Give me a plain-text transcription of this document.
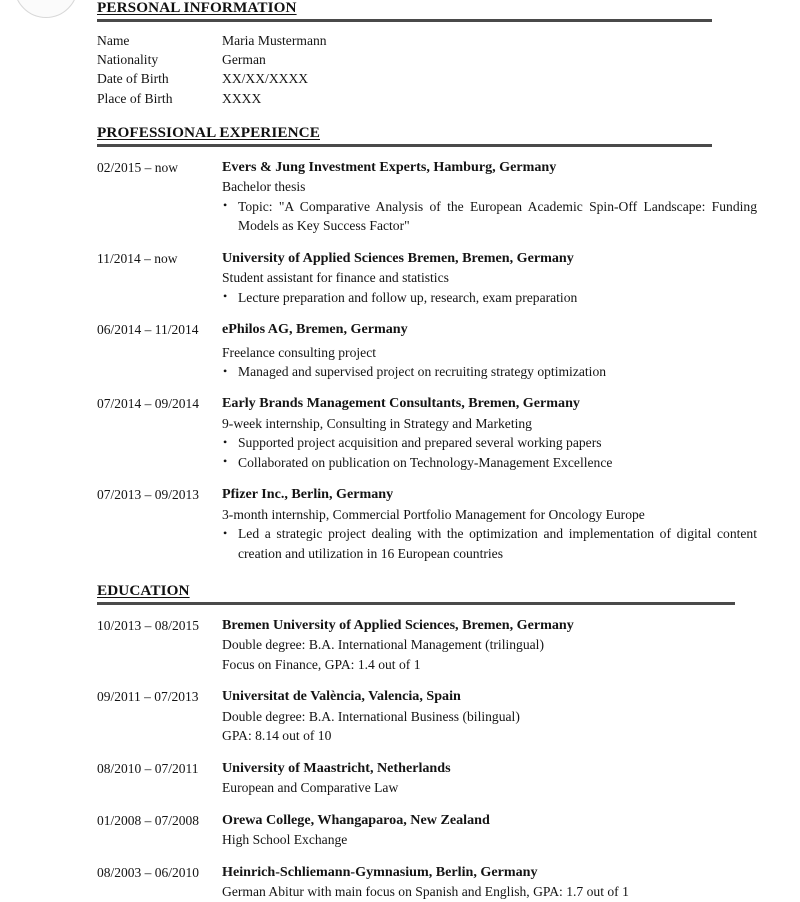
PERSONAL INFORMATION
Name	Maria Mustermann
Nationality	German
Date of Birth	XX/XX/XXXX
Place of Birth	XXXX
PROFESSIONAL EXPERIENCE
02/2015 – now	Evers & Jung Investment Experts, Hamburg, Germany
Bachelor thesis
• Topic: "A Comparative Analysis of the European Academic Spin-Off Landscape: Funding Models as Key Success Factor"
11/2014 – now	University of Applied Sciences Bremen, Bremen, Germany
Student assistant for finance and statistics
• Lecture preparation and follow up, research, exam preparation
06/2014 – 11/2014	ePhilos AG, Bremen, Germany
Freelance consulting project
• Managed and supervised project on recruiting strategy optimization
07/2014 – 09/2014	Early Brands Management Consultants, Bremen, Germany
9-week internship, Consulting in Strategy and Marketing
• Supported project acquisition and prepared several working papers
• Collaborated on publication on Technology-Management Excellence
07/2013 – 09/2013	Pfizer Inc., Berlin, Germany
3-month internship, Commercial Portfolio Management for Oncology Europe
• Led a strategic project dealing with the optimization and implementation of digital content creation and utilization in 16 European countries
EDUCATION
10/2013 – 08/2015	Bremen University of Applied Sciences, Bremen, Germany
Double degree: B.A. International Management (trilingual)
Focus on Finance, GPA: 1.4 out of 1
09/2011 – 07/2013	Universitat de València, Valencia, Spain
Double degree: B.A. International Business (bilingual)
GPA: 8.14 out of 10
08/2010 – 07/2011	University of Maastricht, Netherlands
European and Comparative Law
01/2008 – 07/2008	Orewa College, Whangaparoa, New Zealand
High School Exchange
08/2003 – 06/2010	Heinrich-Schliemann-Gymnasium, Berlin, Germany
German Abitur with main focus on Spanish and English, GPA: 1.7 out of 1
